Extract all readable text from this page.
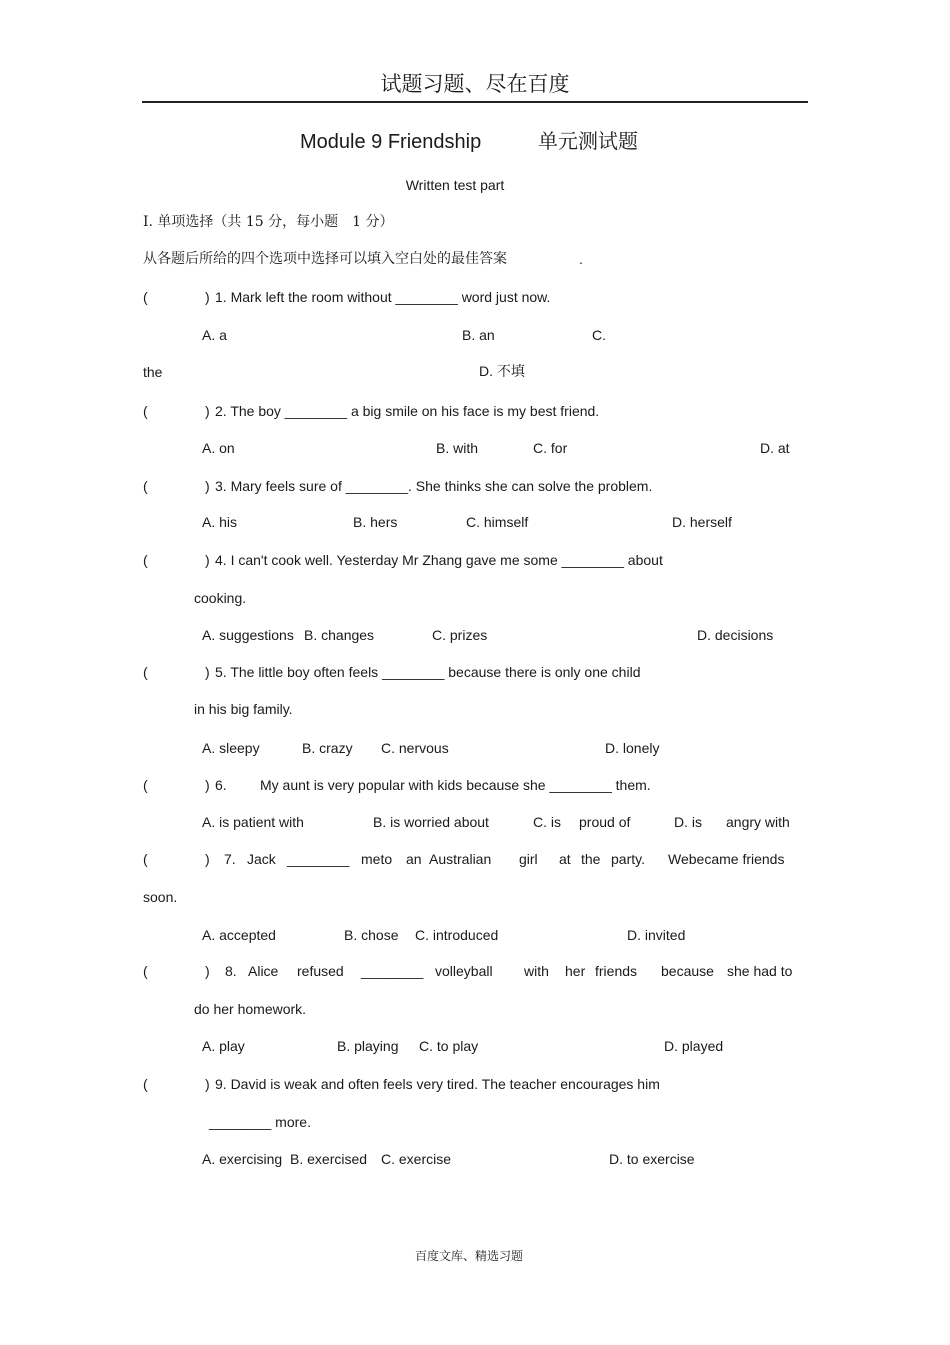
试题习题、尽在百度
Module 9 Friendship	单元测试题
Written test part
Ⅰ. 单项选择（共 15 分，每小题　1 分）
从各题后所给的四个选项中选择可以填入空白处的最佳答案	.
(	) 1. Mark left the room without ________ word just now.
A. a	B. an	C.
the	D. 不填
(	) 2. The boy ________ a big smile on his face is my best friend.
A. on	B. with	C. for	D. at
(	) 3. Mary feels sure of ________. She thinks she can solve the problem.
A. his	B. hers	C. himself	D. herself
(	) 4. I can't cook well. Yesterday Mr Zhang gave me some ________ about
cooking.
A. suggestions B. changes	C. prizes	D. decisions
(	) 5. The little boy often feels ________ because there is only one child
in his big family.
A. sleepy	B. crazy C. nervous	D. lonely
(	) 6. My aunt is very popular with kids because she ________ them.
A. is patient with	B. is worried about	C. is proud of	D. is angry with
(	) 7. Jack ________ meto an Australian girl at the party. Webecame friends
soon.
A. accepted	B. chose C. introduced	D. invited
(	) 8. Alice refused ________ volleyball with her friends because she had to
do her homework.
A. play	B. playing C. to play	D. played
(	) 9. David is weak and often feels very tired. The teacher encourages him
________ more.
A. exercising B. exercised C. exercise	D. to exercise
百度文库、精选习题
